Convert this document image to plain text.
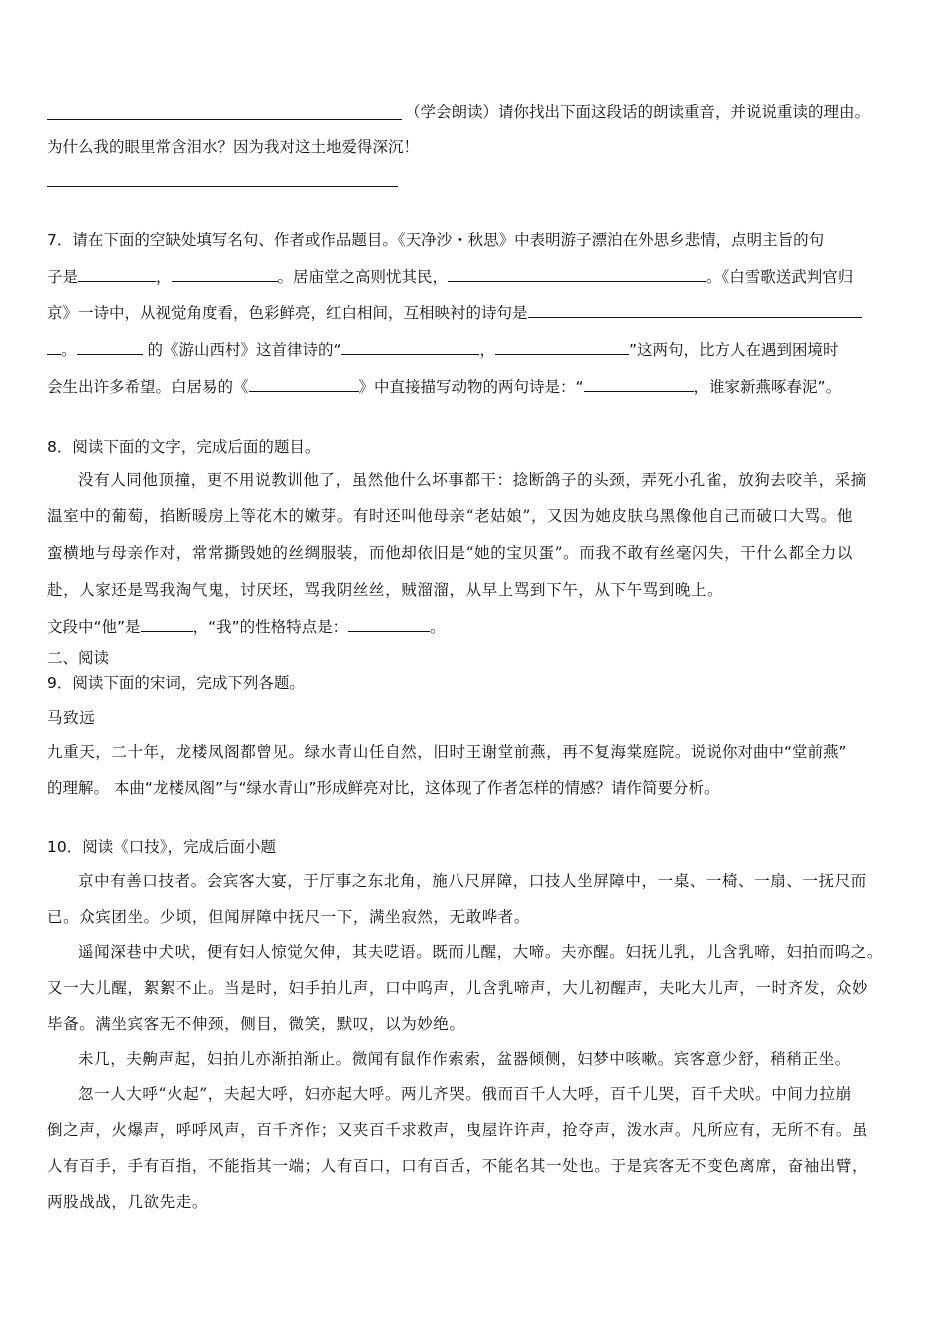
（学会朗读）请你找出下面这段话的朗读重音，并说说重读的理由。
为什么我的眼里常含泪水？因为我对这土地爱得深沉！
7．请在下面的空缺处填写名句、作者或作品题目。《天净沙・秋思》中表明游子漂泊在外思乡悲情，点明主旨的句
子是	，	。居庙堂之高则忧其民，	。《白雪歌送武判官归
京》一诗中，从视觉角度看，色彩鲜亮，红白相间，互相映衬的诗句是
。	的《游山西村》这首律诗的“	，	”这两句，比方人在遇到困境时
会生出许多希望。白居易的《	》中直接描写动物的两句诗是：“	，谁家新燕啄春泥”。
8．阅读下面的文字，完成后面的题目。
没有人同他顶撞，更不用说教训他了，虽然他什么坏事都干：捻断鸽子的头颈，弄死小孔雀，放狗去咬羊，采摘
温室中的葡萄，掐断暖房上等花木的嫩芽。有时还叫他母亲“老姑娘”，又因为她皮肤乌黑像他自己而破口大骂。他
蛮横地与母亲作对，常常撕毁她的丝绸服装，而他却依旧是“她的宝贝蛋”。而我不敢有丝毫闪失，干什么都全力以
赴，人家还是骂我淘气鬼，讨厌坯，骂我阴丝丝，贼溜溜，从早上骂到下午，从下午骂到晚上。
文段中“他”是	，“我”的性格特点是：	。
二、阅读
9．阅读下面的宋词，完成下列各题。
马致远
九重天，二十年，龙楼凤阁都曾见。绿水青山任自然，旧时王谢堂前燕，再不复海棠庭院。说说你对曲中“堂前燕”
的理解。 本曲“龙楼凤阁”与“绿水青山”形成鲜亮对比，这体现了作者怎样的情感？请作简要分析。
10．阅读《口技》，完成后面小题
京中有善口技者。会宾客大宴，于厅事之东北角，施八尺屏障，口技人坐屏障中，一桌、一椅、一扇、一抚尺而
已。众宾团坐。少顷，但闻屏障中抚尺一下，满坐寂然，无敢哗者。
遥闻深巷中犬吠，便有妇人惊觉欠伸，其夫呓语。既而儿醒，大啼。夫亦醒。妇抚儿乳，儿含乳啼，妇拍而呜之。
又一大儿醒，絮絮不止。当是时，妇手拍儿声，口中呜声，儿含乳啼声，大儿初醒声，夫叱大儿声，一时齐发，众妙
毕备。满坐宾客无不伸颈，侧目，微笑，默叹，以为妙绝。
未几，夫齁声起，妇拍儿亦渐拍渐止。微闻有鼠作作索索，盆器倾侧，妇梦中咳嗽。宾客意少舒，稍稍正坐。
忽一人大呼“火起”，夫起大呼，妇亦起大呼。两儿齐哭。俄而百千人大呼，百千儿哭，百千犬吠。中间力拉崩
倒之声，火爆声，呼呼风声，百千齐作；又夹百千求救声，曳屋许许声，抢夺声，泼水声。凡所应有，无所不有。虽
人有百手，手有百指，不能指其一端；人有百口，口有百舌，不能名其一处也。于是宾客无不变色离席，奋袖出臂，
两股战战，几欲先走。
